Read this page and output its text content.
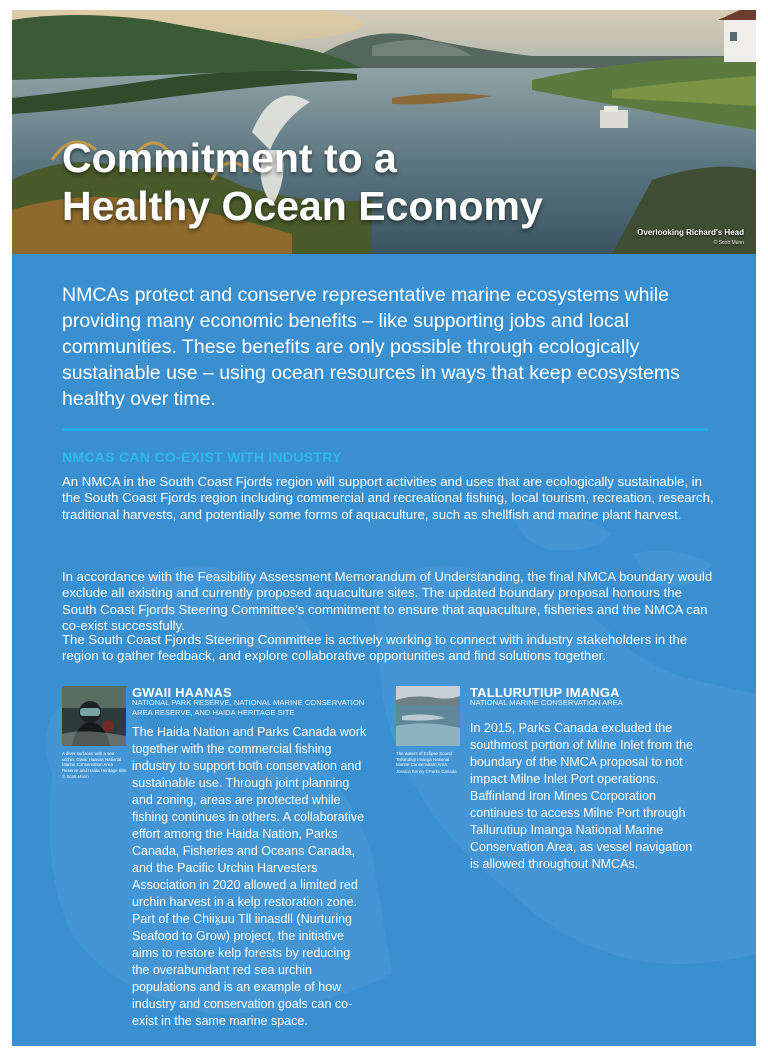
Commitment to a
Healthy Ocean Economy
Overlooking Richard's Head
© Scott Munn

NMCAs protect and conserve representative marine ecosystems while providing many economic benefits – like supporting jobs and local communities. These benefits are only possible through ecologically sustainable use – using ocean resources in ways that keep ecosystems healthy over time.

NMCAS CAN CO-EXIST WITH INDUSTRY

An NMCA in the South Coast Fjords region will support activities and uses that are ecologically sustainable, in the South Coast Fjords region including commercial and recreational fishing, local tourism, recreation, research, traditional harvests, and potentially some forms of aquaculture, such as shellfish and marine plant harvest.

In accordance with the Feasibility Assessment Memorandum of Understanding, the final NMCA boundary would exclude all existing and currently proposed aquaculture sites. The updated boundary proposal honours the South Coast Fjords Steering Committee’s commitment to ensure that aquaculture, fisheries and the NMCA can co-exist successfully.

The South Coast Fjords Steering Committee is actively working to connect with industry stakeholders in the region to gather feedback, and explore collaborative opportunities and find solutions together.

A diver surfaces with a sea urchin, Gwaii Haanas National Marine Conservation Area Reserve and Haida Heritage Site.
© Scott Munn

GWAII HAANAS

NATIONAL PARK RESERVE, NATIONAL MARINE CONSERVATION AREA RESERVE, AND HAIDA HERITAGE SITE

The Haida Nation and Parks Canada work together with the commercial fishing industry to support both conservation and sustainable use. Through joint planning and zoning, areas are protected while fishing continues in others. A collaborative effort among the Haida Nation, Parks Canada, Fisheries and Oceans Canada, and the Pacific Urchin Harvesters Association in 2020 allowed a limited red urchin harvest in a kelp restoration zone. Part of the Chiix̱uu Tll iinasdll (Nurturing Seafood to Grow) project, the initiative aims to restore kelp forests by reducing the overabundant red sea urchin populations and is an example of how industry and conservation goals can co-exist in the same marine space.

The waters of Eclipse Sound Tallurutiup Imanga National Marine Conservation Area.
Jessica Kenny ©Parks Canada

TALLURUTIUP IMANGA

NATIONAL MARINE CONSERVATION AREA

In 2015, Parks Canada excluded the southmost portion of Milne Inlet from the boundary of the NMCA proposal to not impact Milne Inlet Port operations. Baffinland Iron Mines Corporation continues to access Milne Port through Tallurutiup Imanga National Marine Conservation Area, as vessel navigation is allowed throughout NMCAs.
